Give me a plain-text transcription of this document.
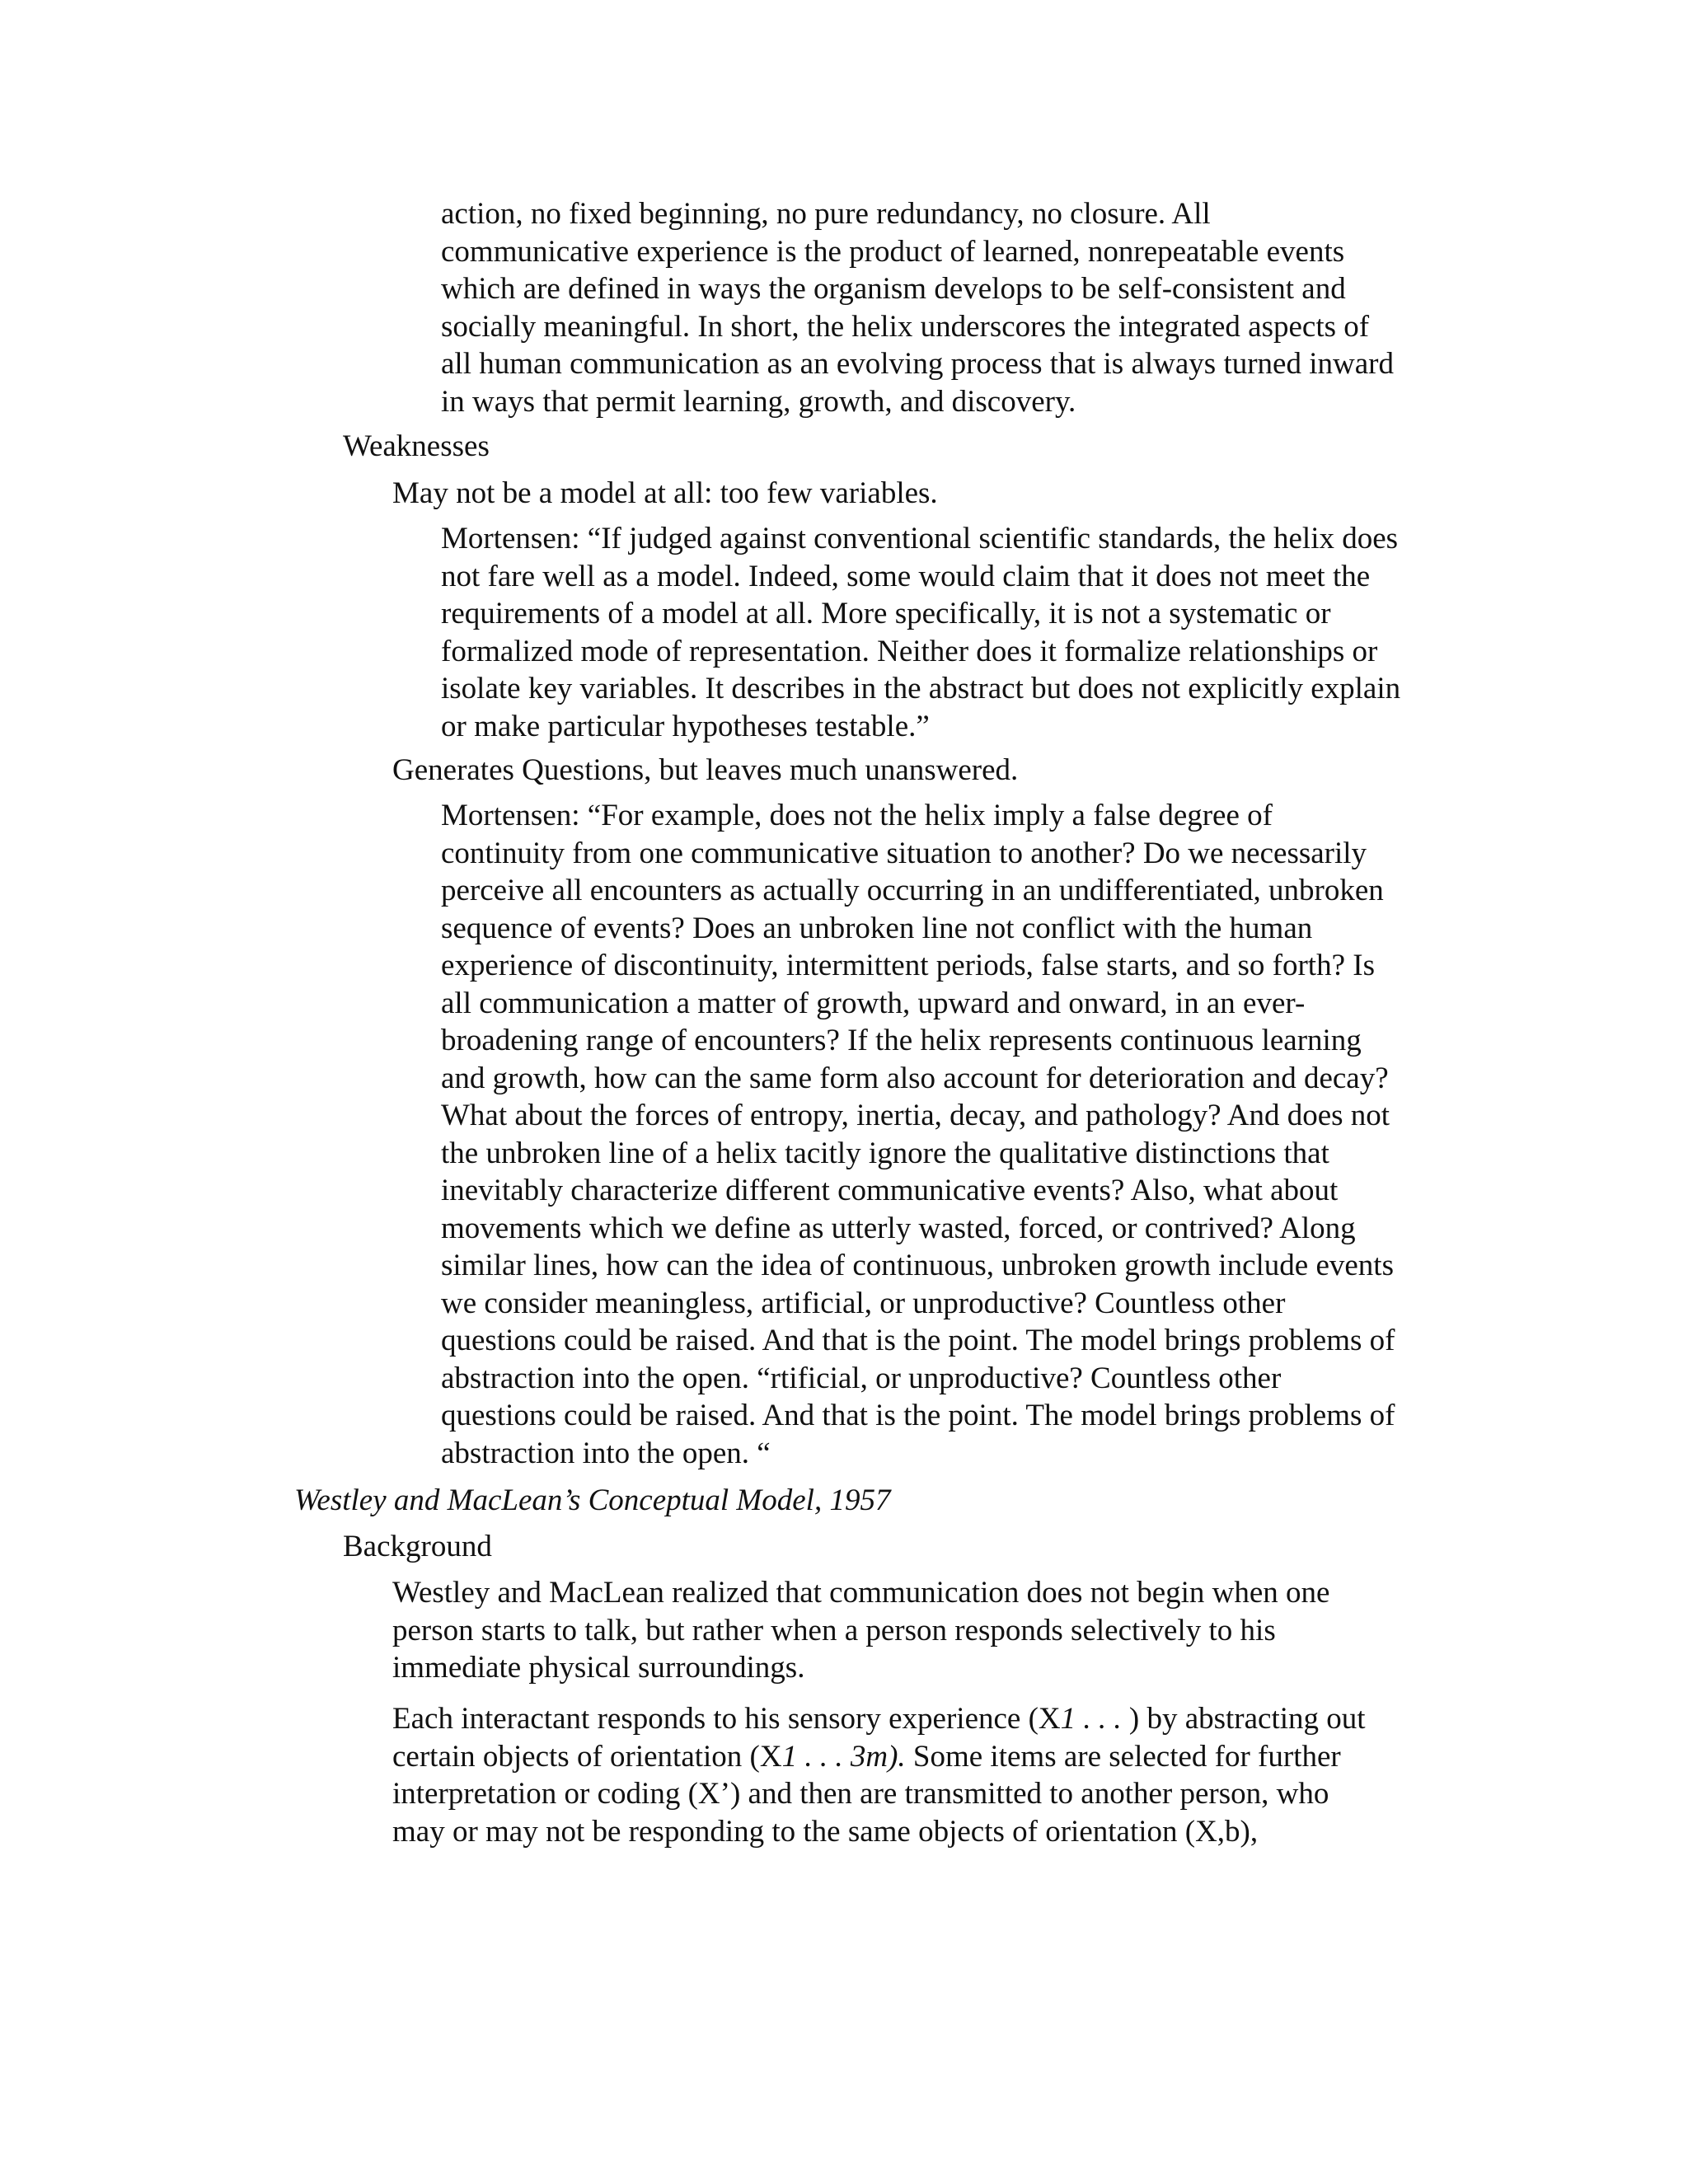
action, no fixed beginning, no pure redundancy, no closure. All
communicative experience is the product of learned, nonrepeatable events
which are defined in ways the organism develops to be self-consistent and
socially meaningful. In short, the helix underscores the integrated aspects of
all human communication as an evolving process that is always turned inward
in ways that permit learning, growth, and discovery.
Weaknesses
May not be a model at all: too few variables.
Mortensen: “If judged against conventional scientific standards, the helix does
not fare well as a model. Indeed, some would claim that it does not meet the
requirements of a model at all. More specifically, it is not a systematic or
formalized mode of representation. Neither does it formalize relationships or
isolate key variables. It describes in the abstract but does not explicitly explain
or make particular hypotheses testable.”
Generates Questions, but leaves much unanswered.
Mortensen: “For example, does not the helix imply a false degree of
continuity from one communicative situation to another? Do we necessarily
perceive all encounters as actually occurring in an undifferentiated, unbroken
sequence of events? Does an unbroken line not conflict with the human
experience of discontinuity, intermittent periods, false starts, and so forth? Is
all communication a matter of growth, upward and onward, in an ever-
broadening range of encounters? If the helix represents continuous learning
and growth, how can the same form also account for deterioration and decay?
What about the forces of entropy, inertia, decay, and pathology? And does not
the unbroken line of a helix tacitly ignore the qualitative distinctions that
inevitably characterize different communicative events? Also, what about
movements which we define as utterly wasted, forced, or contrived? Along
similar lines, how can the idea of continuous, unbroken growth include events
we consider meaningless, artificial, or unproductive? Countless other
questions could be raised. And that is the point. The model brings problems of
abstraction into the open. “rtificial, or unproductive? Countless other
questions could be raised. And that is the point. The model brings problems of
abstraction into the open. “
Westley and MacLean’s Conceptual Model, 1957
Background
Westley and MacLean realized that communication does not begin when one
person starts to talk, but rather when a person responds selectively to his
immediate physical surroundings.
Each interactant responds to his sensory experience (X1 . . . ) by abstracting out
certain objects of orientation (X1 . . . 3m). Some items are selected for further
interpretation or coding (X’) and then are transmitted to another person, who
may or may not be responding to the same objects of orientation (X,b),
